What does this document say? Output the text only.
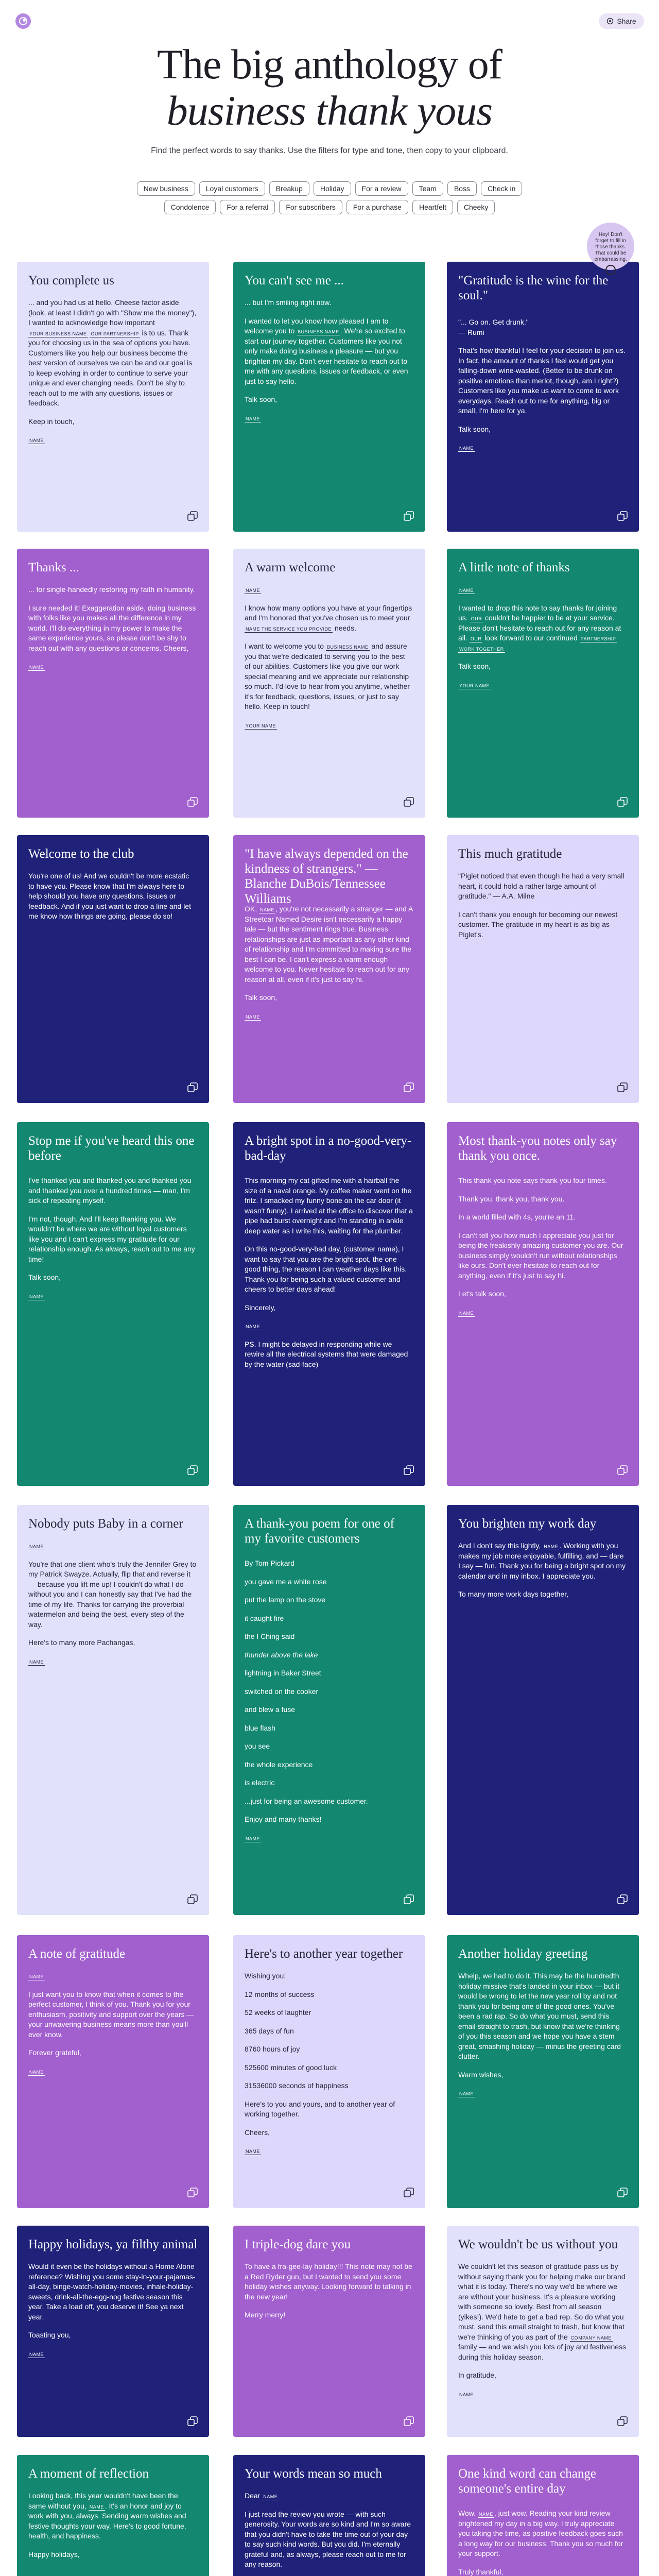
Share
The big anthology of
business thank yous
Find the perfect words to say thanks. Use the filters for type and tone, then copy to your clipboard.
New business	Loyal customers	Breakup	Holiday	For a review	Team	Boss	Check in
Condolence	For a referral	For subscribers	For a purchase	Heartfelt	Cheeky
You complete us

... and you had us at hello. Cheese factor aside (look, at least I didn't go with "Show me the money"), I wanted to acknowledge how important YOUR BUSINESS NAME OUR PARTNERSHIP is to us. Thank you for choosing us in the sea of options you have. Customers like you help our business become the best version of ourselves we can be and our goal is to keep evolving in order to continue to serve your unique and ever changing needs. Don't be shy to reach out to me with any questions, issues or feedback.

Keep in touch,

NAME

You can't see me ...

... but I'm smiling right now.

I wanted to let you know how pleased I am to welcome you to BUSINESS NAME . We're so excited to start our journey together. Customers like you not only make doing business a pleasure — but you brighten my day. Don't ever hesitate to reach out to me with any questions, issues or feedback, or even just to say hello.

Talk soon,

NAME

"Gratitude is the wine for the soul."

"... Go on. Get drunk."
— Rumi

That's how thankful I feel for your decision to join us. In fact, the amount of thanks I feel would get you falling-down wine-wasted. (Better to be drunk on positive emotions than merlot, though, am I right?) Customers like you make us want to come to work everydays. Reach out to me for anything, big or small, I'm here for ya.

Talk soon,

NAME

Hey! Don't forget to fill in those thanks. That could be embarrassing.
Thanks ...

... for single-handedly restoring my faith in humanity.

I sure needed it! Exaggeration aside, doing business with folks like you makes all the difference in my world. I'll do everything in my power to make the same experience yours, so please don't be shy to reach out with any questions or concerns. Cheers,

NAME

A warm welcome

NAME

I know how many options you have at your fingertips and I'm honored that you've chosen us to meet your NAME THE SERVICE YOU PROVIDE needs.

I want to welcome you to BUSINESS NAME and assure you that we're dedicated to serving you to the best of our abilities. Customers like you give our work special meaning and we appreciate our relationship so much. I'd love to hear from you anytime, whether it's for feedback, questions, issues, or just to say hello. Keep in touch!

YOUR NAME

A little note of thanks

NAME

I wanted to drop this note to say thanks for joining us. OUR couldn't be happier to be at your service. Please don't hesitate to reach out for any reason at all. OUR look forward to our continued PARTNERSHIP WORK TOGETHER

Talk soon,

YOUR NAME

Welcome to the club

You're one of us! And we couldn't be more ecstatic to have you. Please know that I'm always here to help should you have any questions, issues or feedback. And if you just want to drop a line and let me know how things are going, please do so!

"I have always depended on the kindness of strangers." — Blanche DuBois/Tennessee Williams

OK, NAME , you're not necessarily a stranger — and A Streetcar Named Desire isn't necessarily a happy tale — but the sentiment rings true. Business relationships are just as important as any other kind of relationship and I'm committed to making sure the best I can be. I can't express a warm enough welcome to you. Never hesitate to reach out for any reason at all, even if it's just to say hi.

Talk soon,

NAME

This much gratitude

"Piglet noticed that even though he had a very small heart, it could hold a rather large amount of gratitude." — A.A. Milne

I can't thank you enough for becoming our newest customer. The gratitude in my heart is as big as Piglet's.

Stop me if you've heard this one before

I've thanked you and thanked you and thanked you and thanked you over a hundred times — man, I'm sick of repeating myself.

I'm not, though. And I'll keep thanking you. We wouldn't be where we are without loyal customers like you and I can't express my gratitude for our relationship enough. As always, reach out to me any time!

Talk soon,

NAME

A bright spot in a no-good-very-bad-day

This morning my cat gifted me with a hairball the size of a naval orange. My coffee maker went on the fritz. I smacked my funny bone on the car door (it wasn't funny). I arrived at the office to discover that a pipe had burst overnight and I'm standing in ankle deep water as I write this, waiting for the plumber.

On this no-good-very-bad day, (customer name), I want to say that you are the bright spot, the one good thing, the reason I can weather days like this. Thank you for being such a valued customer and cheers to better days ahead!

Sincerely,

NAME

PS. I might be delayed in responding while we rewire all the electrical systems that were damaged by the water (sad-face)

Most thank-you notes only say thank you once.

This thank you note says thank you four times.

Thank you, thank you, thank you.

In a world filled with 4s, you're an 11.

I can't tell you how much I appreciate you just for being the freakishly amazing customer you are. Our business simply wouldn't run without relationships like ours. Don't ever hesitate to reach out for anything, even if it's just to say hi.

Let's talk soon,

NAME

Nobody puts Baby in a corner

NAME

You're that one client who's truly the Jennifer Grey to my Patrick Swayze. Actually, flip that and reverse it — because you lift me up! I couldn't do what I do without you and I can honestly say that I've had the time of my life. Thanks for carrying the proverbial watermelon and being the best, every step of the way.

Here's to many more Pachangas,

NAME

A thank-you poem for one of my favorite customers

By Tom Pickard

you gave me a white rose

put the lamp on the stove

it caught fire

the I Ching said

thunder above the lake

lightning in Baker Street

switched on the cooker

and blew a fuse

blue flash

you see

the whole experience

is electric

...just for being an awesome customer.

Enjoy and many thanks!

NAME

You brighten my work day

And I don't say this lightly, NAME . Working with you makes my job more enjoyable, fulfilling, and — dare I say — fun. Thank you for being a bright spot on my calendar and in my inbox. I appreciate you.

To many more work days together,

A note of gratitude

NAME

I just want you to know that when it comes to the perfect customer, I think of you. Thank you for your enthusiasm, positivity and support over the years — your unwavering business means more than you'll ever know.

Forever grateful,

NAME

Here's to another year together

Wishing you:

12 months of success

52 weeks of laughter

365 days of fun

8760 hours of joy

525600 minutes of good luck

31536000 seconds of happiness

Here's to you and yours, and to another year of working together.

Cheers,

NAME

Another holiday greeting

Whelp, we had to do it. This may be the hundredth holiday missive that's landed in your inbox — but it would be wrong to let the new year roll by and not thank you for being one of the good ones. You've been a rad rap. So do what you must, send this email straight to trash, but know that we're thinking of you this season and we hope you have a stem great, smashing holiday — minus the greeting card clutter.

Warm wishes,

NAME

Happy holidays, ya filthy animal

Would it even be the holidays without a Home Alone reference? Wishing you some stay-in-your-pajamas-all-day, binge-watch-holiday-movies, inhale-holiday-sweets, drink-all-the-egg-nog festive season this year. Take a load off, you deserve it! See ya next year.

Toasting you,

NAME

I triple-dog dare you

To have a fra-gee-lay holiday!!! This note may not be a Red Ryder gun, but I wanted to send you some holiday wishes anyway. Looking forward to talking in the new year!

Merry merry!

We wouldn't be us without you

We couldn't let this season of gratitude pass us by without saying thank you for helping make our brand what it is today. There's no way we'd be where we are without your business. It's a pleasure working with someone so lovely. Best from all season (yikes!). We'd hate to get a bad rep. So do what you must, send this email straight to trash, but know that we're thinking of you as part of the COMPANY NAME family — and we wish you lots of joy and festiveness during this holiday season.

In gratitude,

NAME

A moment of reflection

Looking back, this year wouldn't have been the same without you, NAME . It's an honor and joy to work with you, always. Sending warm wishes and festive thoughts your way. Here's to good fortune, health, and happiness.

Happy holidays,

Your words mean so much

Dear NAME

I just read the review you wrote — with such generosity. Your words are so kind and I'm so aware that you didn't have to take the time out of your day to say such kind words. But you did. I'm eternally grateful and, as always, please reach out to me for any reason.

One kind word can change someone's entire day

Wow. NAME , just wow. Reading your kind review brightened my day in a big way. I truly appreciate you taking the time, as positive feedback goes such a long way for our business. Thank you so much for your support.

Truly thankful,
